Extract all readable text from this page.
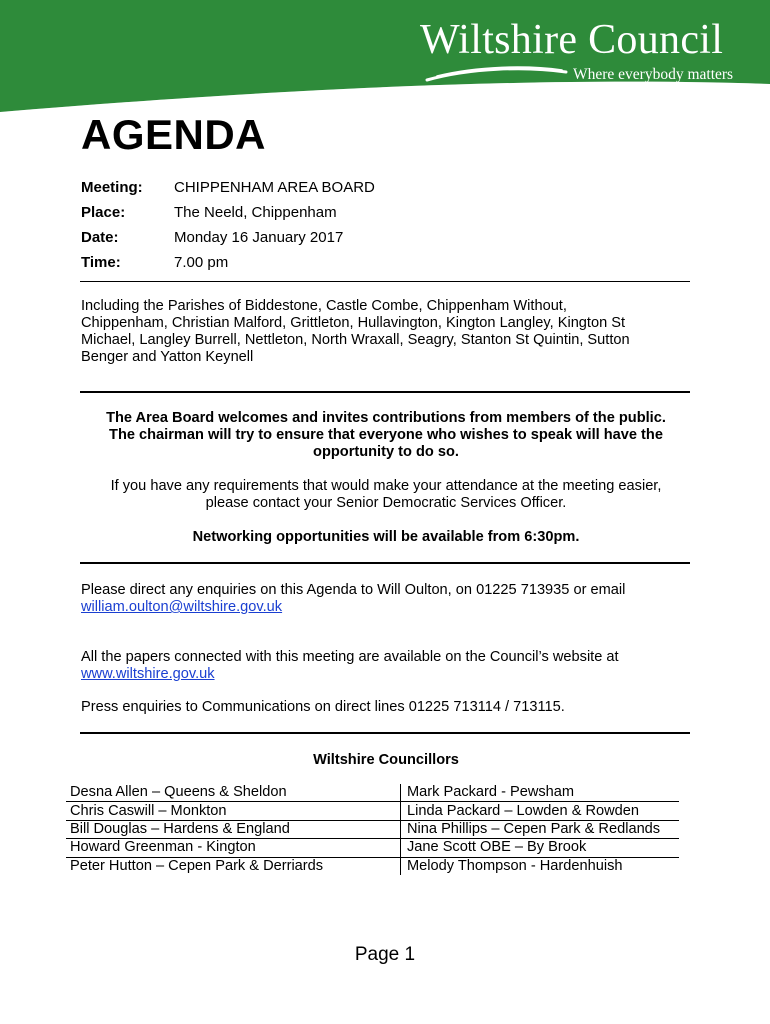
Wiltshire Council
Where everybody matters
AGENDA
Meeting: CHIPPENHAM AREA BOARD
Place:	The Neeld, Chippenham
Date:	Monday 16 January 2017
Time:	7.00 pm
Including the Parishes of Biddestone, Castle Combe, Chippenham Without,
Chippenham, Christian Malford, Grittleton, Hullavington, Kington Langley, Kington St
Michael, Langley Burrell, Nettleton, North Wraxall, Seagry, Stanton St Quintin, Sutton
Benger and Yatton Keynell
The Area Board welcomes and invites contributions from members of the public.
The chairman will try to ensure that everyone who wishes to speak will have the
opportunity to do so.
If you have any requirements that would make your attendance at the meeting easier,
please contact your Senior Democratic Services Officer.
Networking opportunities will be available from 6:30pm.
Please direct any enquiries on this Agenda to Will Oulton, on 01225 713935 or email
william.oulton@wiltshire.gov.uk
All the papers connected with this meeting are available on the Council’s website at
www.wiltshire.gov.uk
Press enquiries to Communications on direct lines 01225 713114 / 713115.
Wiltshire Councillors
Desna Allen – Queens & Sheldon	Mark Packard - Pewsham
Chris Caswill – Monkton	Linda Packard – Lowden & Rowden
Bill Douglas – Hardens & England	Nina Phillips – Cepen Park & Redlands
Howard Greenman - Kington	Jane Scott OBE – By Brook
Peter Hutton – Cepen Park & Derriards	Melody Thompson - Hardenhuish
Page 1
